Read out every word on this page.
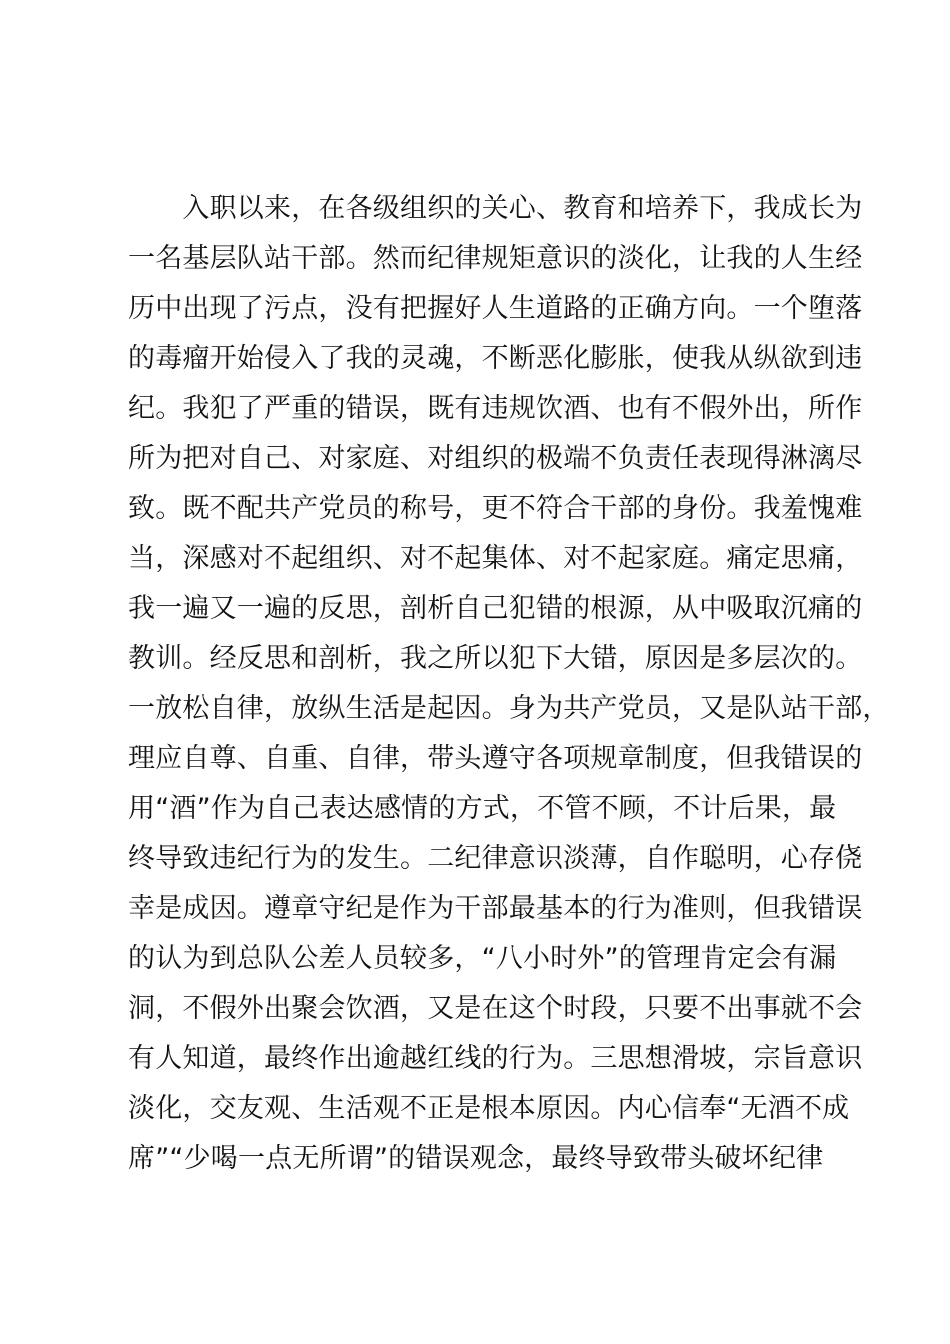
　　入职以来，在各级组织的关心、教育和培养下，我成长为
一名基层队站干部。然而纪律规矩意识的淡化，让我的人生经
历中出现了污点，没有把握好人生道路的正确方向。一个堕落
的毒瘤开始侵入了我的灵魂，不断恶化膨胀，使我从纵欲到违
纪。我犯了严重的错误，既有违规饮酒、也有不假外出，所作
所为把对自己、对家庭、对组织的极端不负责任表现得淋漓尽
致。既不配共产党员的称号，更不符合干部的身份。我羞愧难
当，深感对不起组织、对不起集体、对不起家庭。痛定思痛，
我一遍又一遍的反思，剖析自己犯错的根源，从中吸取沉痛的
教训。经反思和剖析，我之所以犯下大错，原因是多层次的。
一放松自律，放纵生活是起因。身为共产党员，又是队站干部，
理应自尊、自重、自律，带头遵守各项规章制度，但我错误的
用“酒”作为自己表达感情的方式，不管不顾，不计后果，最
终导致违纪行为的发生。二纪律意识淡薄，自作聪明，心存侥
幸是成因。遵章守纪是作为干部最基本的行为准则，但我错误
的认为到总队公差人员较多，“八小时外”的管理肯定会有漏
洞，不假外出聚会饮酒，又是在这个时段，只要不出事就不会
有人知道，最终作出逾越红线的行为。三思想滑坡，宗旨意识
淡化，交友观、生活观不正是根本原因。内心信奉“无酒不成
席”“少喝一点无所谓”的错误观念，最终导致带头破坏纪律
